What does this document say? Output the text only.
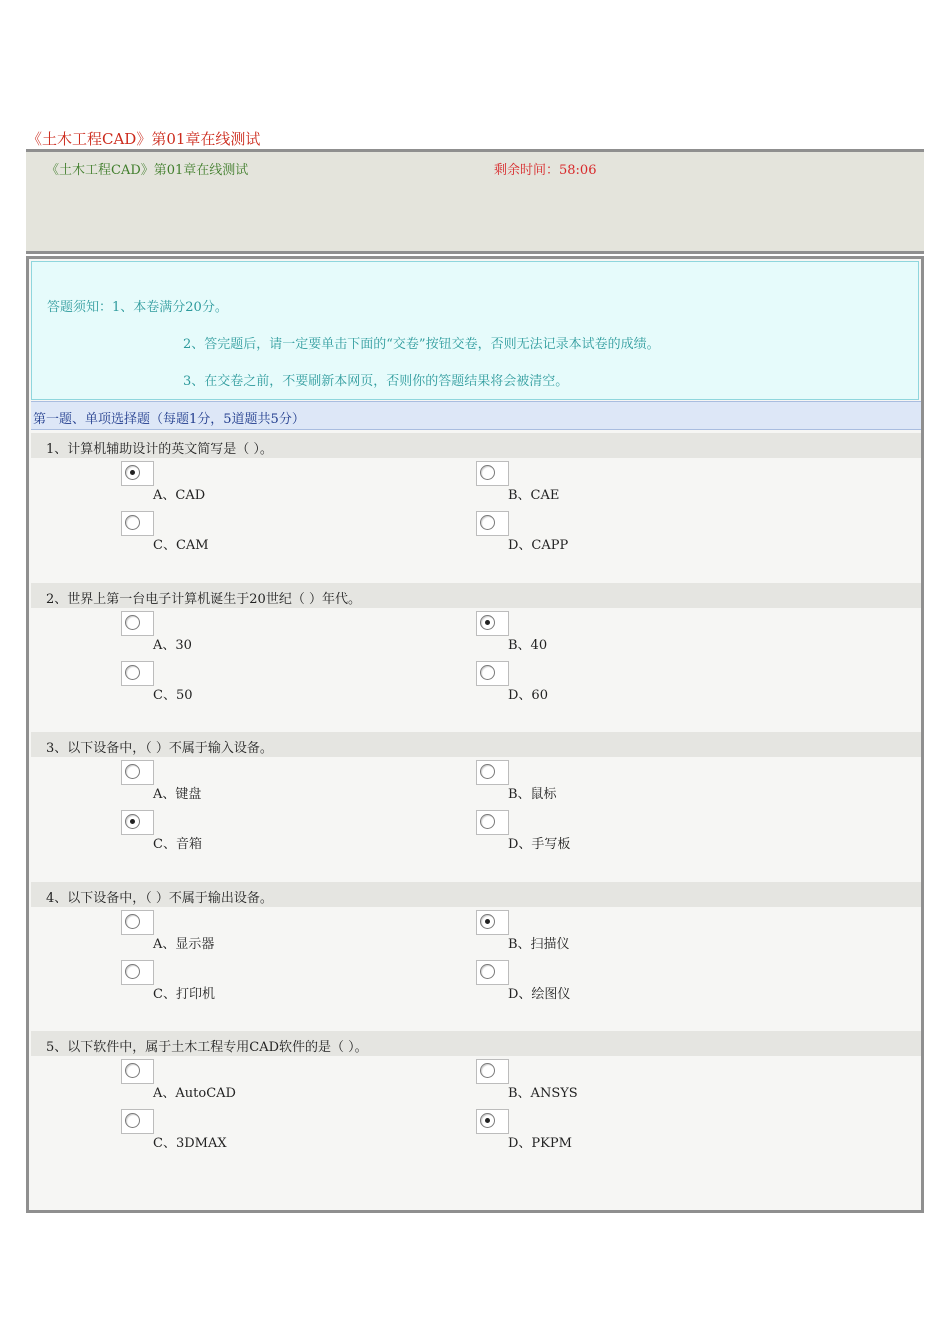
《土木工程CAD》第01章在线测试
《土木工程CAD》第01章在线测试	剩余时间：58:06
答题须知：1、本卷满分20分。
2、答完题后，请一定要单击下面的“交卷”按钮交卷，否则无法记录本试卷的成绩。
3、在交卷之前，不要刷新本网页，否则你的答题结果将会被清空。
第一题、单项选择题（每题1分，5道题共5分）
1、计算机辅助设计的英文简写是（ ）。
A、CAD	B、CAE
C、CAM	D、CAPP
2、世界上第一台电子计算机诞生于20世纪（ ）年代。
A、30	B、40
C、50	D、60
3、以下设备中，（ ）不属于输入设备。
A、键盘	B、鼠标
C、音箱	D、手写板
4、以下设备中，（ ）不属于输出设备。
A、显示器	B、扫描仪
C、打印机	D、绘图仪
5、以下软件中，属于土木工程专用CAD软件的是（ ）。
A、AutoCAD	B、ANSYS
C、3DMAX	D、PKPM
